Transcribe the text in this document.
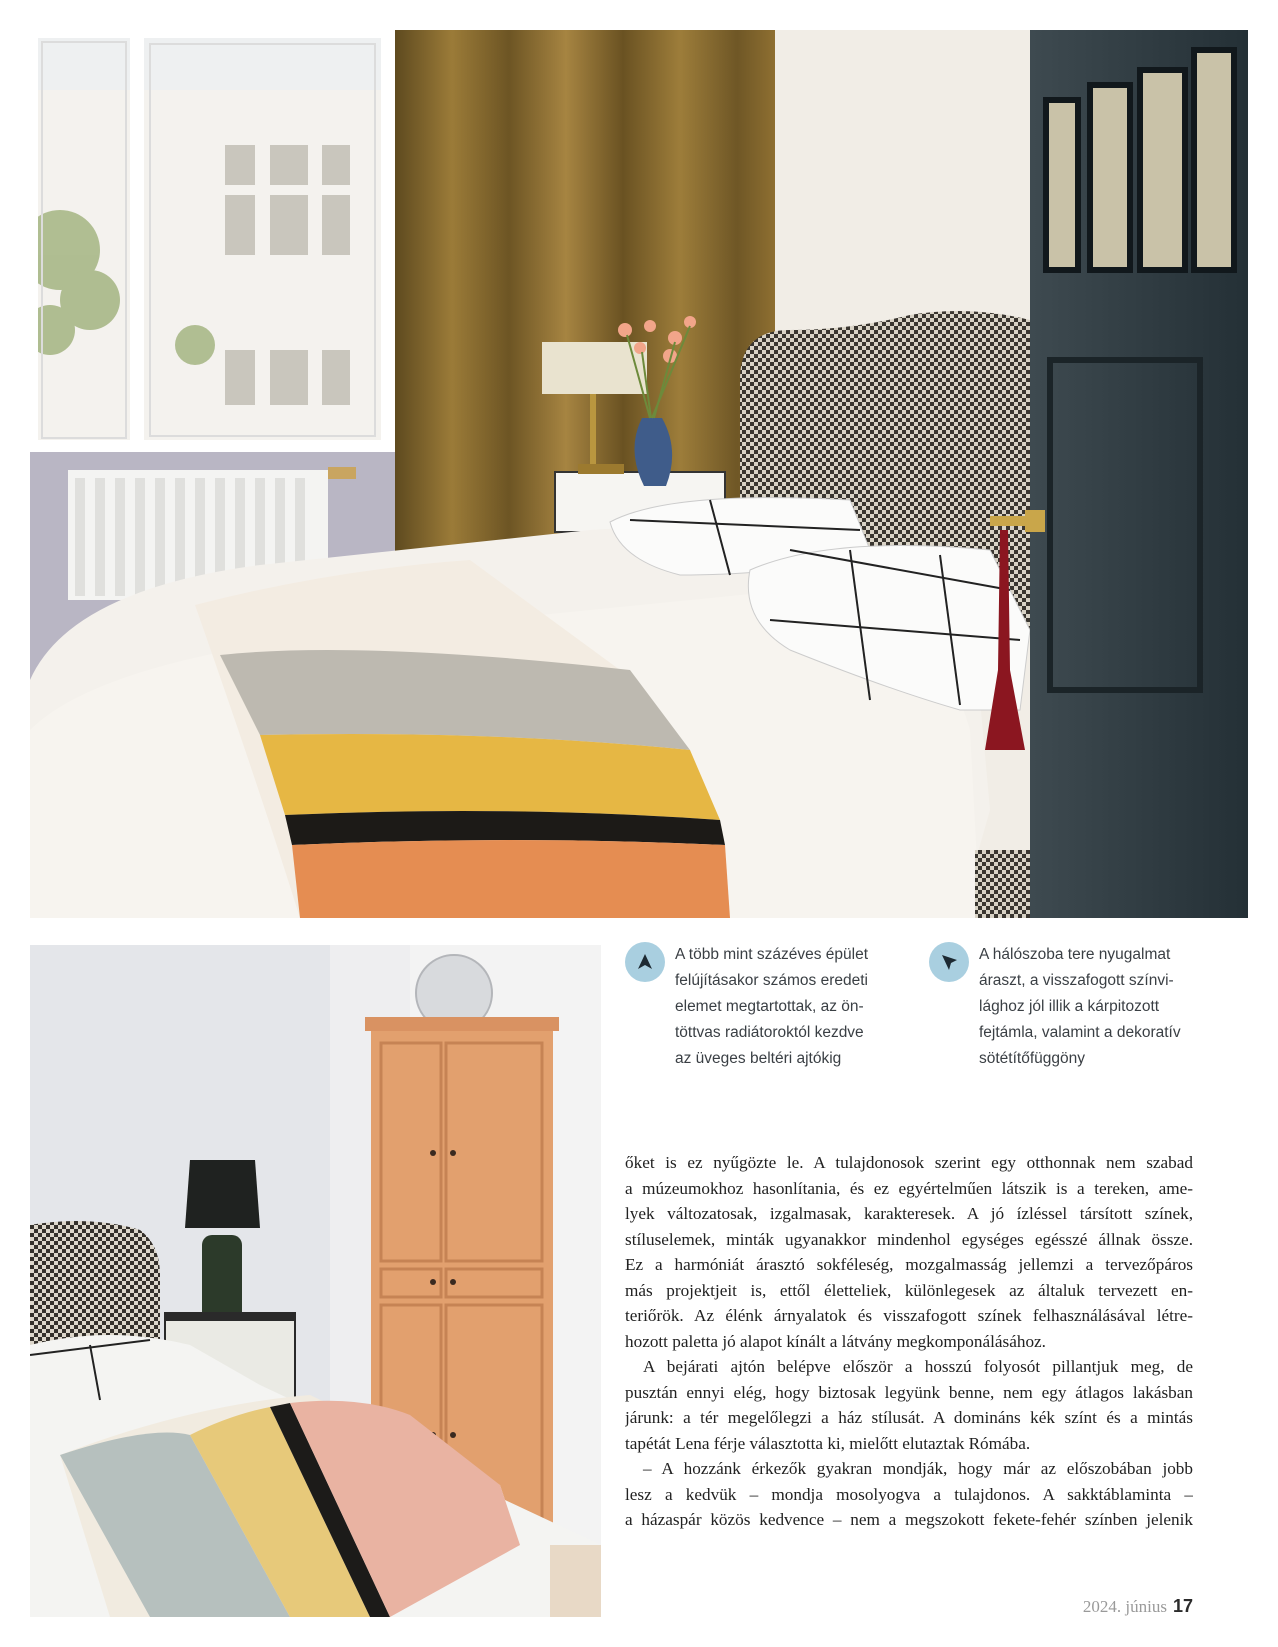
A több mint százéves épület
felújításakor számos eredeti
elemet megtartottak, az ön-
töttvas radiátoroktól kezdve
az üveges beltéri ajtókig
A hálószoba tere nyugalmat
áraszt, a visszafogott színvi-
lághoz jól illik a kárpitozott
fejtámla, valamint a dekoratív
sötétítőfüggöny
őket is ez nyűgözte le. A tulajdonosok szerint egy otthonnak nem szabad
a múzeumokhoz hasonlítania, és ez egyértelműen látszik is a tereken, ame-
lyek változatosak, izgalmasak, karakteresek. A jó ízléssel társított színek,
stíluselemek, minták ugyanakkor mindenhol egységes egésszé állnak össze.
Ez a harmóniát árasztó sokféleség, mozgalmasság jellemzi a tervezőpáros
más projektjeit is, ettől életteliek, különlegesek az általuk tervezett en-
teriőrök. Az élénk árnyalatok és visszafogott színek felhasználásával létre-
hozott paletta jó alapot kínált a látvány megkomponálásához.
A bejárati ajtón belépve először a hosszú folyosót pillantjuk meg, de
pusztán ennyi elég, hogy biztosak legyünk benne, nem egy átlagos lakásban
járunk: a tér megelőlegzi a ház stílusát. A domináns kék színt és a mintás
tapétát Lena férje választotta ki, mielőtt elutaztak Rómába.
– A hozzánk érkezők gyakran mondják, hogy már az előszobában jobb
lesz a kedvük – mondja mosolyogva a tulajdonos. A sakktáblaminta –
a házaspár közös kedvence – nem a megszokott fekete-fehér színben jelenik
2024. június 17
